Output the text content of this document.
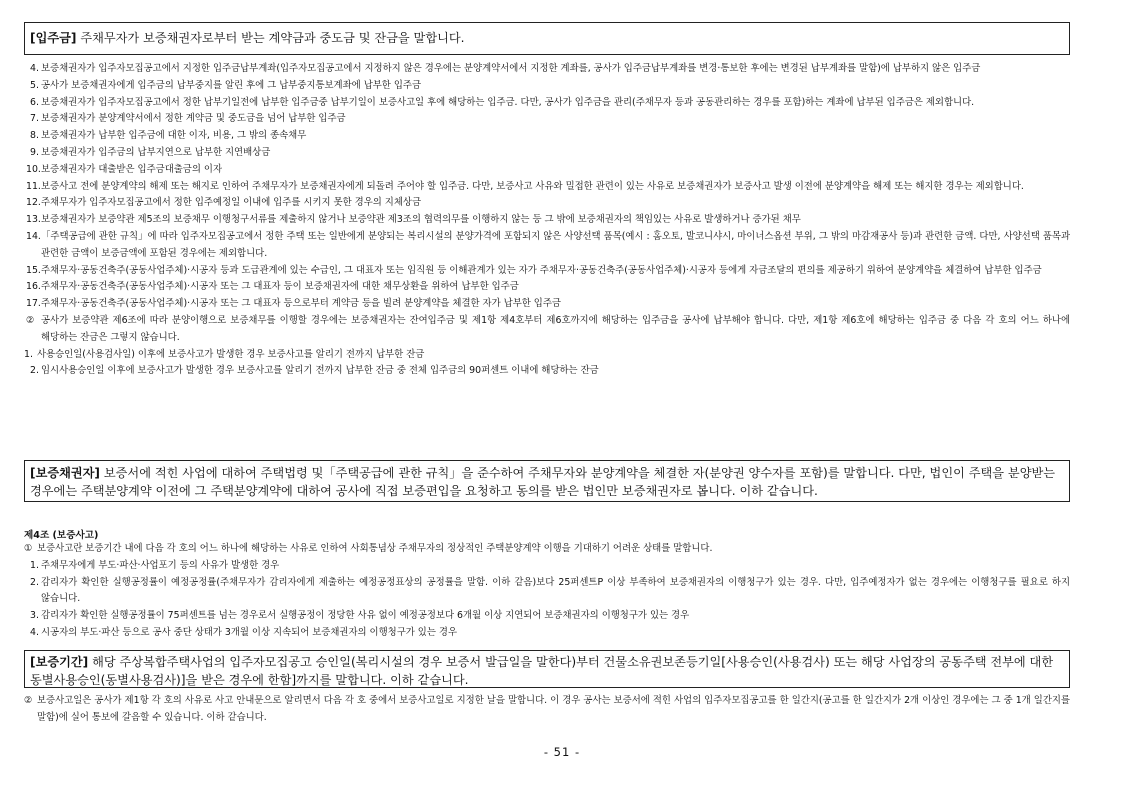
[입주금] 주채무자가 보증채권자로부터 받는 계약금과 중도금 및 잔금을 말합니다.
4. 보증채권자가 입주자모집공고에서 지정한 입주금납부계좌(입주자모집공고에서 지정하지 않은 경우에는 분양계약서에서 지정한 계좌를, 공사가 입주금납부계좌를 변경·통보한 후에는 변경된 납부계좌를 말함)에 납부하지 않은 입주금
5. 공사가 보증채권자에게 입주금의 납부중지를 알린 후에 그 납부중지통보계좌에 납부한 입주금
6. 보증채권자가 입주자모집공고에서 정한 납부기일전에 납부한 입주금중 납부기일이 보증사고일 후에 해당하는 입주금. 다만, 공사가 입주금을 관리(주채무자 등과 공동관리하는 경우를 포함)하는 계좌에 납부된 입주금은 제외합니다.
7. 보증채권자가 분양계약서에서 정한 계약금 및 중도금을 넘어 납부한 입주금
8. 보증채권자가 납부한 입주금에 대한 이자, 비용, 그 밖의 종속채무
9. 보증채권자가 입주금의 납부지연으로 납부한 지연배상금
10. 보증채권자가 대출받은 입주금대출금의 이자
11. 보증사고 전에 분양계약의 해제 또는 해지로 인하여 주채무자가 보증채권자에게 되돌려 주어야 할 입주금. 다만, 보증사고 사유와 밀접한 관련이 있는 사유로 보증채권자가 보증사고 발생 이전에 분양계약을 해제 또는 해지한 경우는 제외합니다.
12. 주채무자가 입주자모집공고에서 정한 입주예정일 이내에 입주를 시키지 못한 경우의 지체상금
13. 보증채권자가 보증약관 제5조의 보증채무 이행청구서류를 제출하지 않거나 보증약관 제3조의 협력의무를 이행하지 않는 등 그 밖에 보증채권자의 책임있는 사유로 발생하거나 증가된 채무
14. 「주택공급에 관한 규칙」에 따라 입주자모집공고에서 정한 주택 또는 일반에게 분양되는 복리시설의 분양가격에 포함되지 않은 사양선택 품목(예시 : 홈오토, 발코니샤시, 마이너스옵션 부위, 그 밖의 마감재공사 등)과 관련한 금액. 다만, 사양선택 품목과 관련한 금액이 보증금액에 포함된 경우에는 제외합니다.
15. 주채무자·공동건축주(공동사업주체)·시공자 등과 도급관계에 있는 수급인, 그 대표자 또는 임직원 등 이해관계가 있는 자가 주채무자·공동건축주(공동사업주체)·시공자 등에게 자금조달의 편의를 제공하기 위하여 분양계약을 체결하여 납부한 입주금
16. 주채무자·공동건축주(공동사업주체)·시공자 또는 그 대표자 등이 보증채권자에 대한 채무상환을 위하여 납부한 입주금
17. 주채무자·공동건축주(공동사업주체)·시공자 또는 그 대표자 등으로부터 계약금 등을 빌려 분양계약을 체결한 자가 납부한 입주금
② 공사가 보증약관 제6조에 따라 분양이행으로 보증채무를 이행할 경우에는 보증채권자는 잔여입주금 및 제1항 제4호부터 제6호까지에 해당하는 입주금을 공사에 납부해야 합니다. 다만, 제1항 제6호에 해당하는 입주금 중 다음 각 호의 어느 하나에 해당하는 잔금은 그렇지 않습니다.
1. 사용승인일(사용검사일) 이후에 보증사고가 발생한 경우 보증사고를 알리기 전까지 납부한 잔금
2. 임시사용승인일 이후에 보증사고가 발생한 경우 보증사고를 알리기 전까지 납부한 잔금 중 전체 입주금의 90퍼센트 이내에 해당하는 잔금
[보증채권자] 보증서에 적힌 사업에 대하여 주택법령 및「주택공급에 관한 규칙」을 준수하여 주채무자와 분양계약을 체결한 자(분양권 양수자를 포함)를 말합니다. 다만, 법인이 주택을 분양받는 경우에는 주택분양계약 이전에 그 주택분양계약에 대하여 공사에 직접 보증편입을 요청하고 동의를 받은 법인만 보증채권자로 봅니다. 이하 같습니다.
제4조 (보증사고)
① 보증사고란 보증기간 내에 다음 각 호의 어느 하나에 해당하는 사유로 인하여 사회통념상 주채무자의 정상적인 주택분양계약 이행을 기대하기 어려운 상태를 말합니다.
1. 주채무자에게 부도·파산·사업포기 등의 사유가 발생한 경우
2. 감리자가 확인한 실행공정률이 예정공정률(주채무자가 감리자에게 제출하는 예정공정표상의 공정률을 말함. 이하 같음)보다 25퍼센트P 이상 부족하여 보증채권자의 이행청구가 있는 경우. 다만, 입주예정자가 없는 경우에는 이행청구를 필요로 하지 않습니다.
3. 감리자가 확인한 실행공정률이 75퍼센트를 넘는 경우로서 실행공정이 정당한 사유 없이 예정공정보다 6개월 이상 지연되어 보증채권자의 이행청구가 있는 경우
4. 시공자의 부도·파산 등으로 공사 중단 상태가 3개월 이상 지속되어 보증채권자의 이행청구가 있는 경우
[보증기간] 해당 주상복합주택사업의 입주자모집공고 승인일(복리시설의 경우 보증서 발급일을 말한다)부터 건물소유권보존등기일[사용승인(사용검사) 또는 해당 사업장의 공동주택 전부에 대한 동별사용승인(동별사용검사)]을 받은 경우에 한함]까지를 말합니다. 이하 같습니다.
② 보증사고일은 공사가 제1항 각 호의 사유로 사고 안내문으로 알리면서 다음 각 호 중에서 보증사고일로 지정한 날을 말합니다. 이 경우 공사는 보증서에 적힌 사업의 입주자모집공고를 한 일간지(공고를 한 일간지가 2개 이상인 경우에는 그 중 1개 일간지를 말함)에 실어 통보에 갈음할 수 있습니다. 이하 같습니다.
- 51 -
